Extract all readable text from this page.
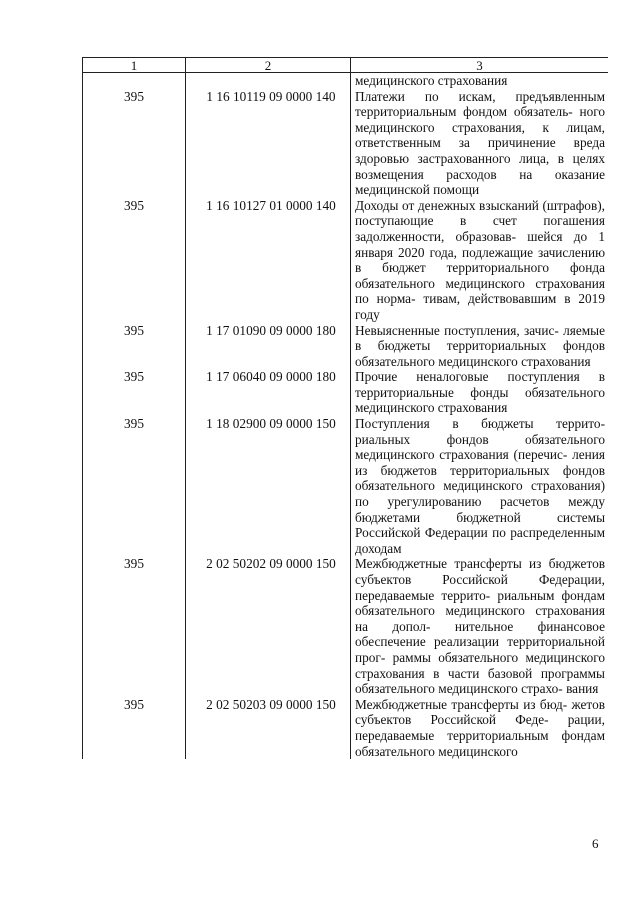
1	2	3
		медицинского страхования
395	1 16 10119 09 0000 140	Платежи по искам, предъявленным территориальным фондом обязатель- ного медицинского страхования, к лицам, ответственным за причинение вреда здоровью застрахованного лица, в целях возмещения расходов на оказание медицинской помощи
395	1 16 10127 01 0000 140	Доходы от денежных взысканий (штрафов), поступающие в счет погашения задолженности, образовав- шейся до 1 января 2020 года, подлежащие зачислению в бюджет территориального фонда обязательного медицинского страхования по норма- тивам, действовавшим в 2019 году
395	1 17 01090 09 0000 180	Невыясненные поступления, зачис- ляемые в бюджеты территориальных фондов обязательного медицинского страхования
395	1 17 06040 09 0000 180	Прочие неналоговые поступления в территориальные фонды обязательного медицинского страхования
395	1 18 02900 09 0000 150	Поступления в бюджеты террито- риальных фондов обязательного медицинского страхования (перечис- ления из бюджетов территориальных фондов обязательного медицинского страхования) по урегулированию расчетов между бюджетами бюджетной системы Российской Федерации по распределенным доходам
395	2 02 50202 09 0000 150	Межбюджетные трансферты из бюджетов субъектов Российской Федерации, передаваемые террито- риальным фондам обязательного медицинского страхования на допол- нительное финансовое обеспечение реализации территориальной прог- раммы обязательного медицинского страхования в части базовой программы обязательного медицинского страхо- вания
395	2 02 50203 09 0000 150	Межбюджетные трансферты из бюд- жетов субъектов Российской Феде- рации, передаваемые территориальным фондам обязательного медицинского
6
